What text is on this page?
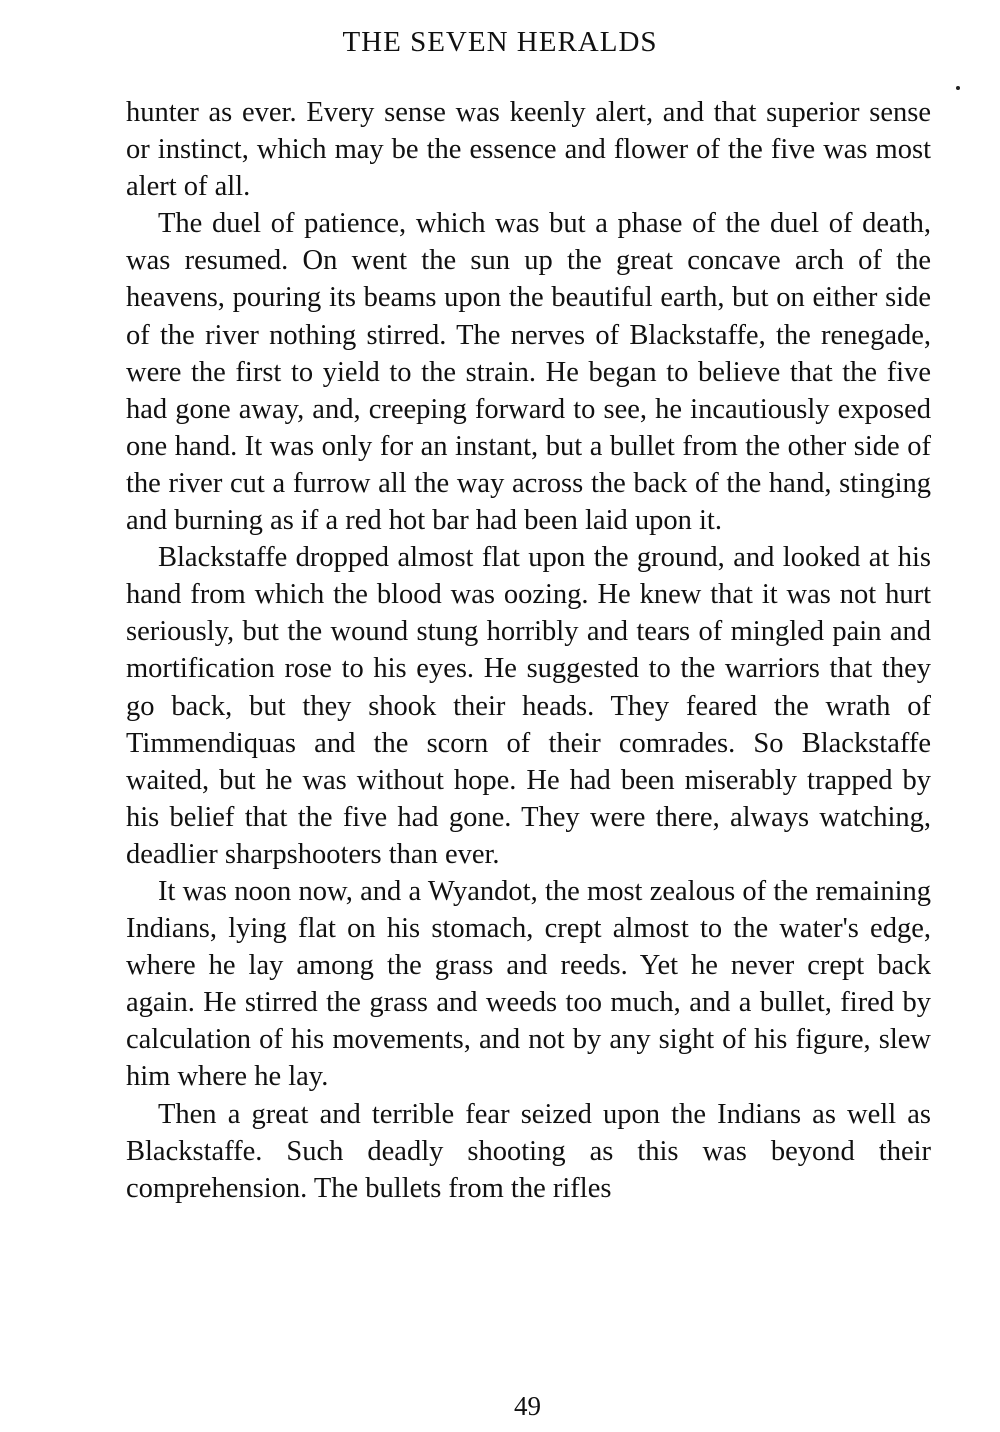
THE SEVEN HERALDS

hunter as ever. Every sense was keenly alert, and that superior sense or instinct, which may be the essence and flower of the five was most alert of all.

The duel of patience, which was but a phase of the duel of death, was resumed. On went the sun up the great concave arch of the heavens, pouring its beams upon the beautiful earth, but on either side of the river nothing stirred. The nerves of Blackstaffe, the renegade, were the first to yield to the strain. He began to believe that the five had gone away, and, creeping forward to see, he incautiously exposed one hand. It was only for an instant, but a bullet from the other side of the river cut a furrow all the way across the back of the hand, stinging and burning as if a red hot bar had been laid upon it.

Blackstaffe dropped almost flat upon the ground, and looked at his hand from which the blood was oozing. He knew that it was not hurt seriously, but the wound stung horribly and tears of mingled pain and mortification rose to his eyes. He suggested to the warriors that they go back, but they shook their heads. They feared the wrath of Timmendiquas and the scorn of their comrades. So Blackstaffe waited, but he was without hope. He had been miserably trapped by his belief that the five had gone. They were there, always watching, deadlier sharpshooters than ever.

It was noon now, and a Wyandot, the most zealous of the remaining Indians, lying flat on his stomach, crept almost to the water's edge, where he lay among the grass and reeds. Yet he never crept back again. He stirred the grass and weeds too much, and a bullet, fired by calculation of his movements, and not by any sight of his figure, slew him where he lay.

Then a great and terrible fear seized upon the Indians as well as Blackstaffe. Such deadly shooting as this was beyond their comprehension. The bullets from the rifles

49
